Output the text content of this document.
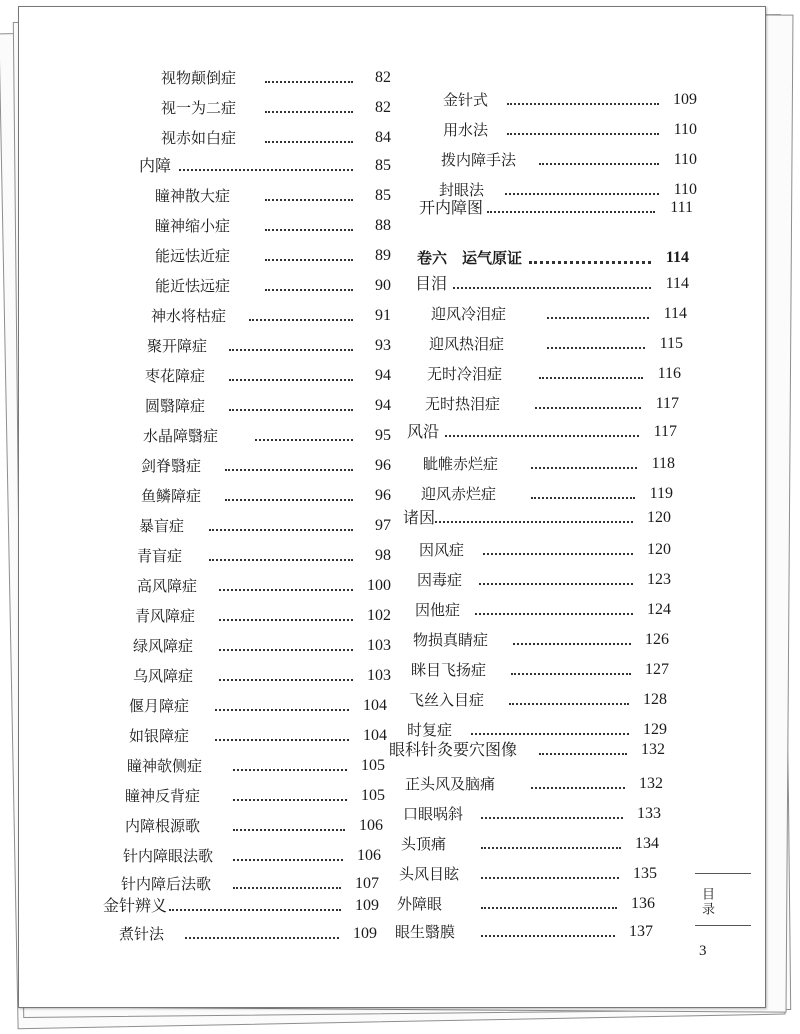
视物颠倒症	82
视一为二症	82
视赤如白症	84
内障	85
瞳神散大症	85
瞳神缩小症	88
能远怯近症	89
能近怯远症	90
神水将枯症	91
聚开障症	93
枣花障症	94
圆翳障症	94
水晶障翳症	95
剑脊翳症	96
鱼鳞障症	96
暴盲症	97
青盲症	98
高风障症	100
青风障症	102
绿风障症	103
乌风障症	103
偃月障症	104
如银障症	104
瞳神欹侧症	105
瞳神反背症	105
内障根源歌	106
针内障眼法歌	106
针内障后法歌	107
金针辨义	109
煮针法	109
金针式	109
用水法	110
拨内障手法	110
封眼法	110
开内障图	111
卷六　运气原证	114
目泪	114
迎风冷泪症	114
迎风热泪症	115
无时冷泪症	116
无时热泪症	117
风沿	117
眦帷赤烂症	118
迎风赤烂症	119
诸因	120
因风症	120
因毒症	123
因他症	124
物损真睛症	126
眯目飞扬症	127
飞丝入目症	128
时复症	129
眼科针灸要穴图像	132
正头风及脑痛	132
口眼㖞斜	133
头顶痛	134
头风目眩	135
外障眼	136
眼生翳膜	137
目录
3
